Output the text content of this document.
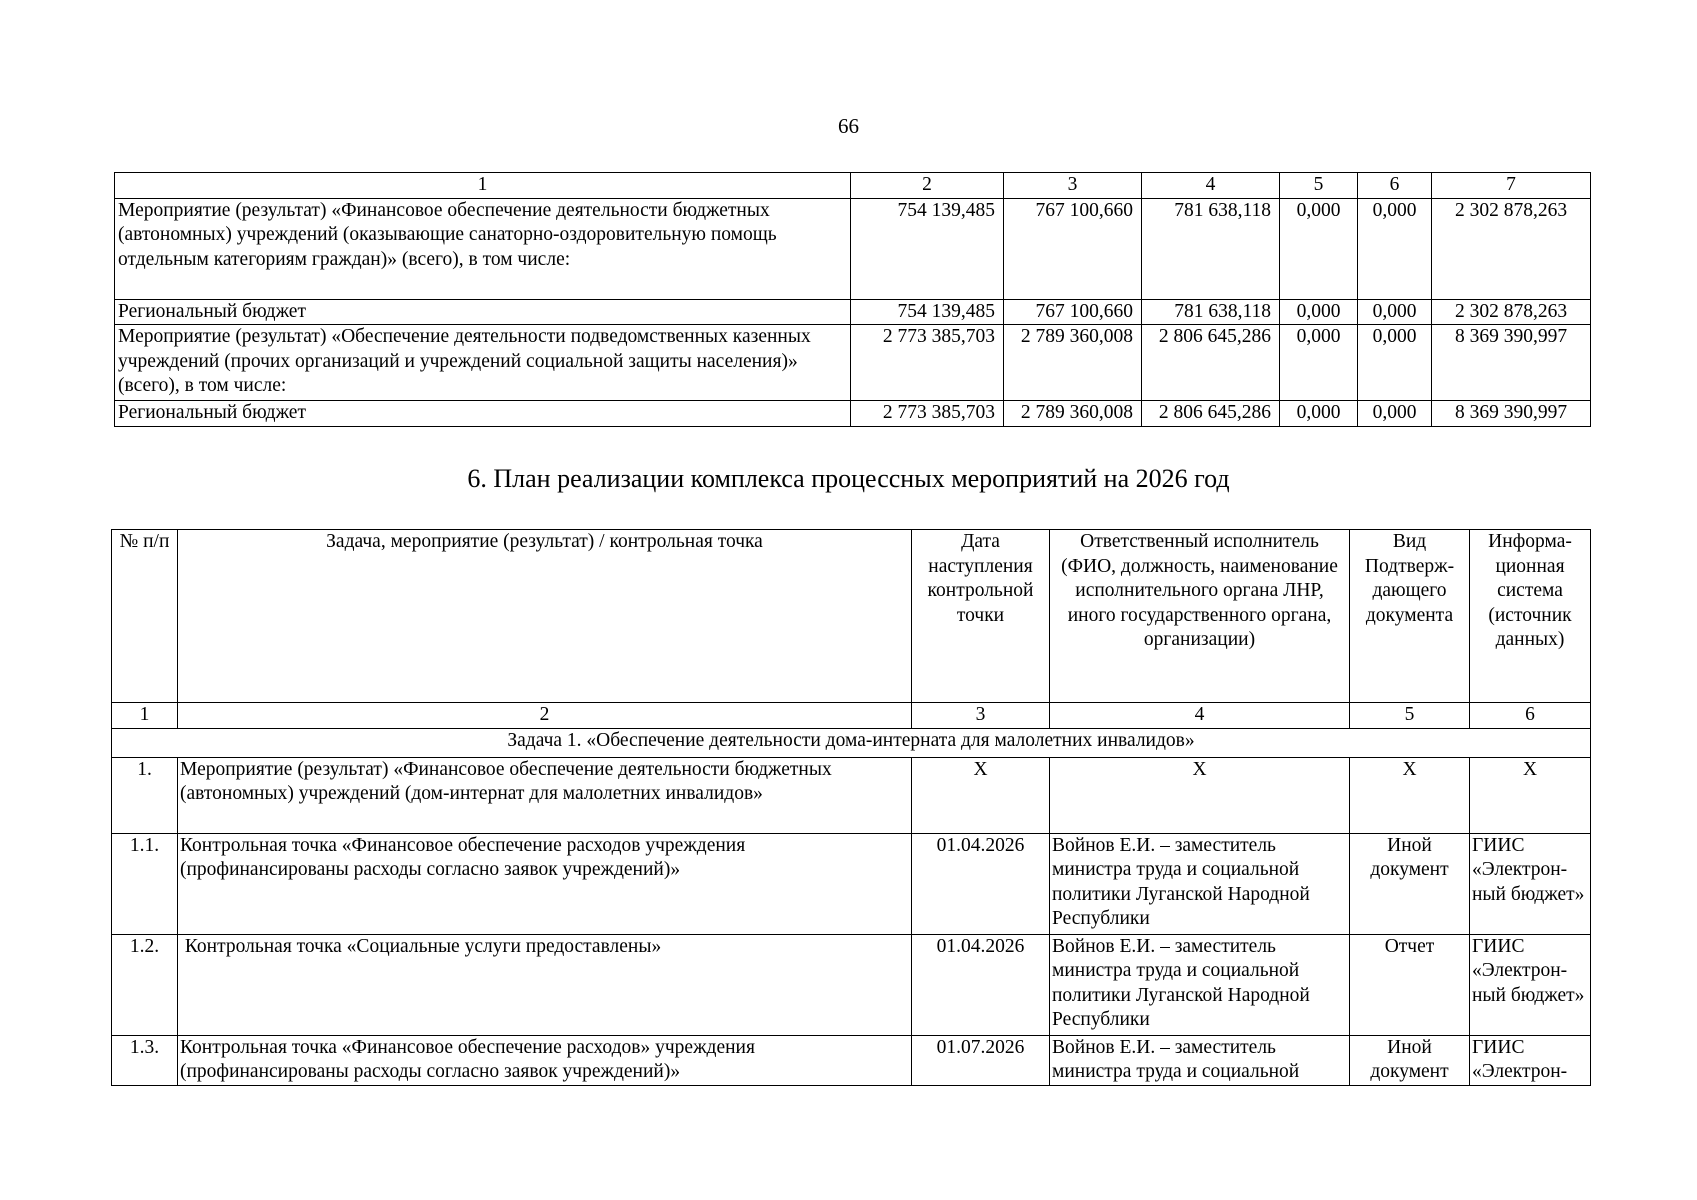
66
1	2	3	4	5	6	7
Мероприятие (результат) «Финансовое обеспечение деятельности бюджетных (автономных) учреждений (оказывающие санаторно-оздоровительную помощь отдельным категориям граждан)» (всего), в том числе:	754 139,485	767 100,660	781 638,118	0,000	0,000	2 302 878,263
Региональный бюджет	754 139,485	767 100,660	781 638,118	0,000	0,000	2 302 878,263
Мероприятие (результат) «Обеспечение деятельности подведомственных казенных учреждений (прочих организаций и учреждений социальной защиты населения)» (всего), в том числе:	2 773 385,703	2 789 360,008	2 806 645,286	0,000	0,000	8 369 390,997
Региональный бюджет	2 773 385,703	2 789 360,008	2 806 645,286	0,000	0,000	8 369 390,997
6. План реализации комплекса процессных мероприятий на 2026 год
№ п/п	Задача, мероприятие (результат) / контрольная точка	Дата наступления контрольной точки	Ответственный исполнитель (ФИО, должность, наименование исполнительного органа ЛНР, иного государственного органа, организации)	Вид Подтверж-дающего документа	Информа-ционная система (источник данных)
1	2	3	4	5	6
Задача 1. «Обеспечение деятельности дома-интерната для малолетних инвалидов»					
1.	Мероприятие (результат) «Финансовое обеспечение деятельности бюджетных (автономных) учреждений (дом-интернат для малолетних инвалидов»	Х	Х	Х	Х
1.1.	Контрольная точка «Финансовое обеспечение расходов учреждения (профинансированы расходы согласно заявок учреждений)»	01.04.2026	Войнов Е.И. – заместитель министра труда и социальной политики Луганской Народной Республики	Иной документ	ГИИС «Электрон-ный бюджет»
1.2.	Контрольная точка «Социальные услуги предоставлены»	01.04.2026	Войнов Е.И. – заместитель министра труда и социальной политики Луганской Народной Республики	Отчет	ГИИС «Электрон-ный бюджет»
1.3.	Контрольная точка «Финансовое обеспечение расходов» учреждения (профинансированы расходы согласно заявок учреждений)»	01.07.2026	Войнов Е.И. – заместитель министра труда и социальной	Иной документ	ГИИС «Электрон-
